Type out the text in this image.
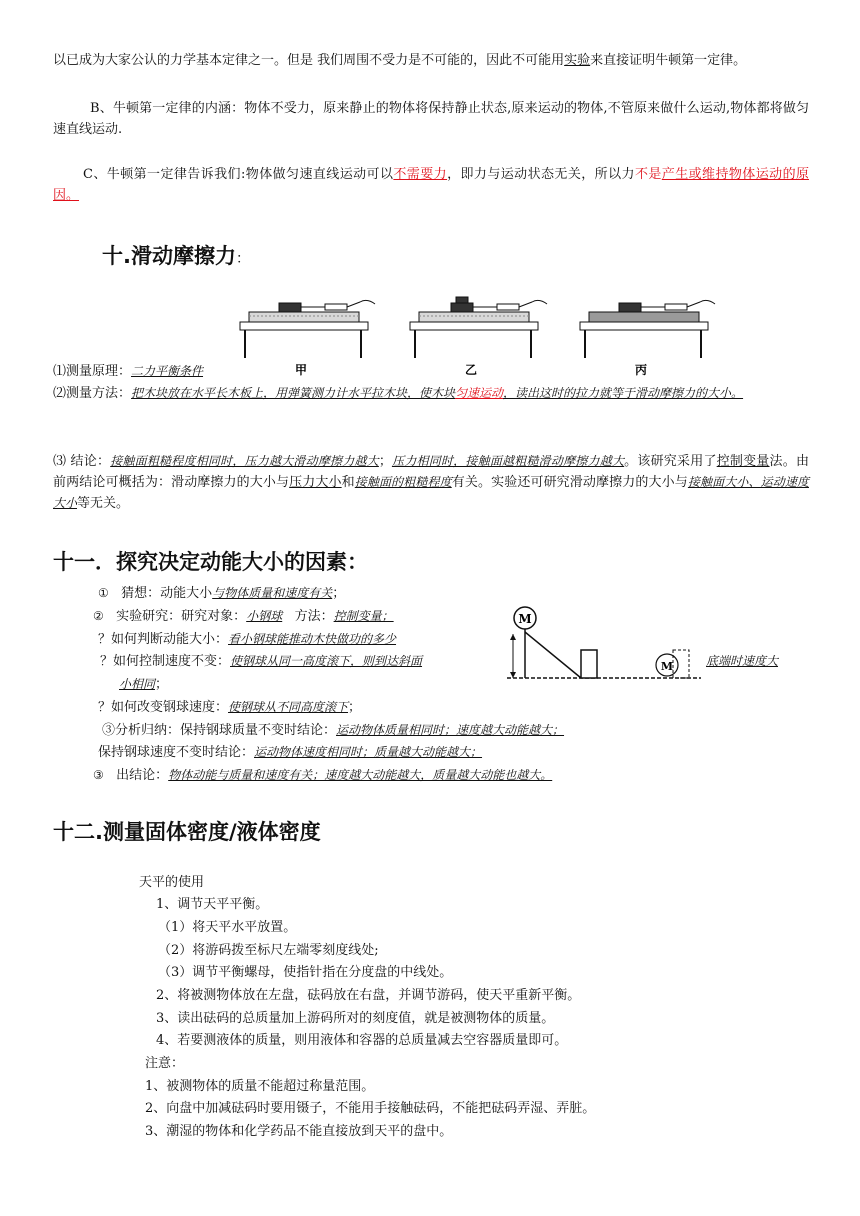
以已成为大家公认的力学基本定律之一。但是 我们周围不受力是不可能的，因此不可能用实验来直接证明牛顿第一定律。
B、牛顿第一定律的内涵：物体不受力，原来静止的物体将保持静止状态,原来运动的物体,不管原来做什么运动,物体都将做匀速直线运动.
C、牛顿第一定律告诉我们:物体做匀速直线运动可以不需要力，即力与运动状态无关，所以力不是产生或维持物体运动的原因。
十.滑动摩擦力：
甲	乙	丙
⑴测量原理：二力平衡条件
⑵测量方法：把木块放在水平长木板上，用弹簧测力计水平拉木块，使木块匀速运动，读出这时的拉力就等于滑动摩擦力的大小。
⑶ 结论：接触面粗糙程度相同时，压力越大滑动摩擦力越大；压力相同时，接触面越粗糙滑动摩擦力越大。该研究采用了控制变量法。由前两结论可概括为：滑动摩擦力的大小与压力大小和接触面的粗糙程度有关。实验还可研究滑动摩擦力的大小与接触面大小、运动速度大小等无关。
十一．探究决定动能大小的因素：
① 猜想：动能大小与物体质量和速度有关；
② 实验研究：研究对象：小钢球   方法：控制变量；
？如何判断动能大小：看小钢球能推动木快做功的多少
？如何控制速度不变：使钢球从同一高度滚下，则到达斜面	底端时速度大
小相同；
？如何改变钢球速度：使钢球从不同高度滚下；
③分析归纳：保持钢球质量不变时结论：运动物体质量相同时；速度越大动能越大；
保持钢球速度不变时结论：运动物体速度相同时；质量越大动能越大；
③ 出结论：物体动能与质量和速度有关；速度越大动能越大，质量越大动能也越大。
M
M
十二.测量固体密度/液体密度
天平的使用
1、调节天平平衡。
（1）将天平水平放置。
（2）将游码拨至标尺左端零刻度线处;
（3）调节平衡螺母，使指针指在分度盘的中线处。
2、将被测物体放在左盘，砝码放在右盘，并调节游码，使天平重新平衡。
3、读出砝码的总质量加上游码所对的刻度值，就是被测物体的质量。
4、若要测液体的质量，则用液体和容器的总质量减去空容器质量即可。
注意：
1、被测物体的质量不能超过称量范围。
2、向盘中加减砝码时要用镊子，不能用手接触砝码，不能把砝码弄湿、弄脏。
3、潮湿的物体和化学药品不能直接放到天平的盘中。
